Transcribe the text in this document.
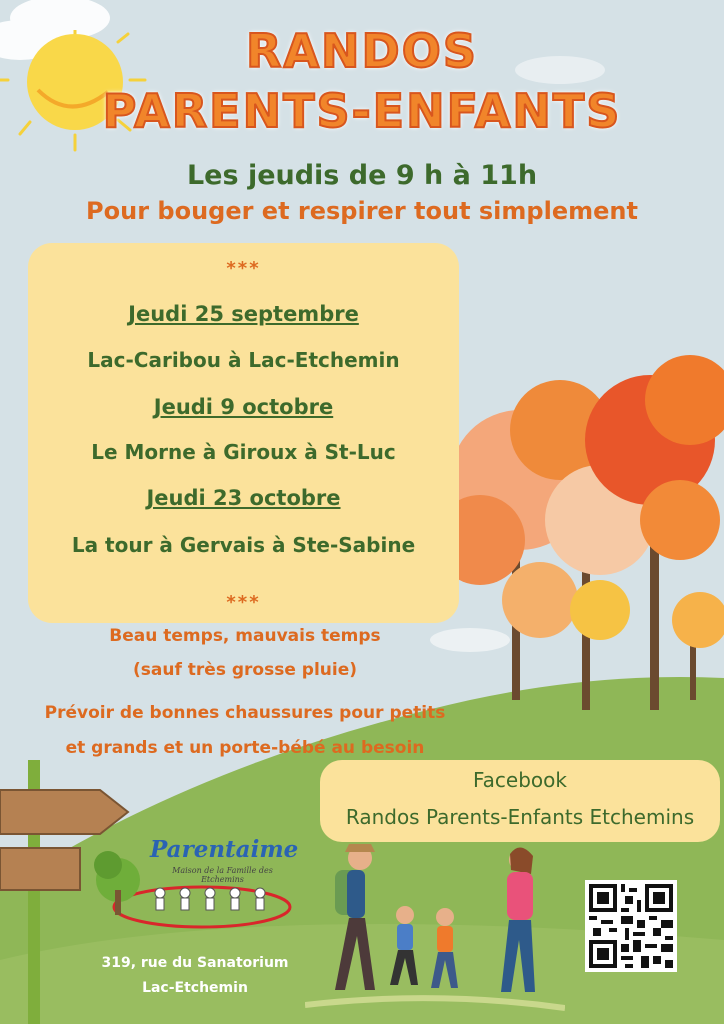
RANDOS
PARENTS-ENFANTS
Les jeudis de 9 h à 11h
Pour bouger et respirer tout simplement
***
Jeudi 25 septembre
Lac-Caribou à Lac-Etchemin
Jeudi 9 octobre
Le Morne à Giroux à St-Luc
Jeudi 23 octobre
La tour à Gervais à Ste-Sabine
***
Beau temps, mauvais temps
(sauf très grosse pluie)
Prévoir de bonnes chaussures pour petits
et grands et un porte-bébé au besoin
Facebook
Randos Parents-Enfants Etchemins
Parentaime
Maison de la Famille des Etchemins
319, rue du Sanatorium
Lac-Etchemin
